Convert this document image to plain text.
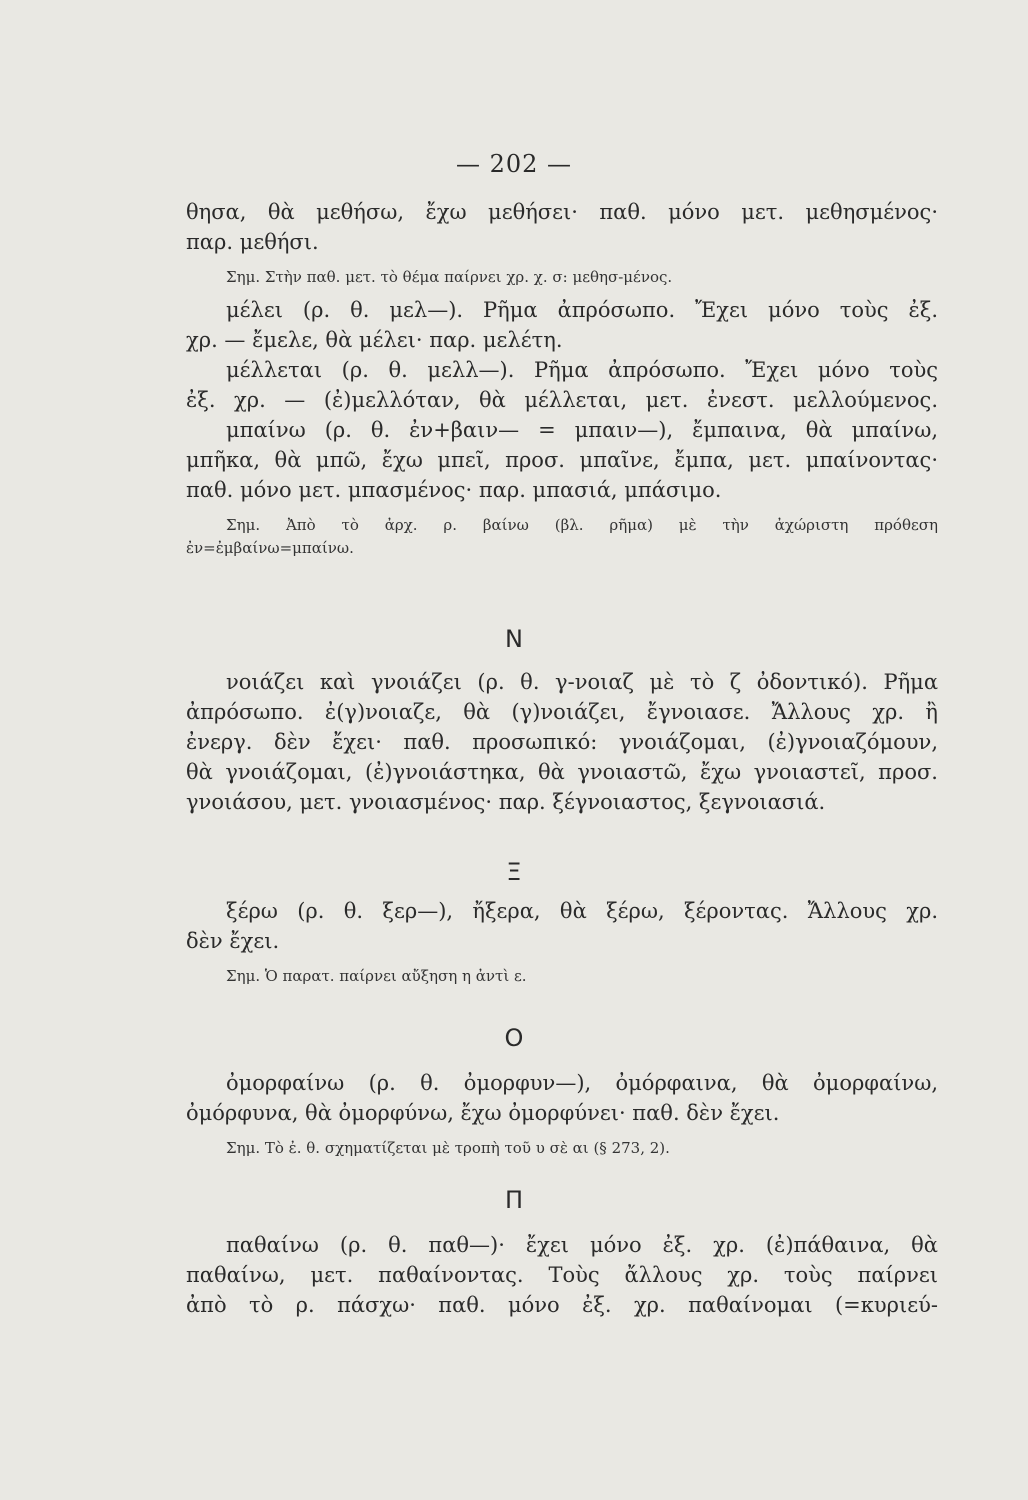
— 202 —
θησα, θὰ μεθήσω, ἔχω μεθήσει· παθ. μόνο μετ. μεθησμένος·
παρ. μεθήσι.
Σημ. Στὴν παθ. μετ. τὸ θέμα παίρνει χρ. χ. σ: μεθησ-μένος.
μέλει (ρ. θ. μελ—). Ρῆμα ἀπρόσωπο. Ἔχει μόνο τοὺς ἐξ.
χρ. — ἔμελε, θὰ μέλει· παρ. μελέτη.
μέλλεται (ρ. θ. μελλ—). Ρῆμα ἀπρόσωπο. Ἔχει μόνο τοὺς
ἐξ. χρ. — (ἐ)μελλόταν, θὰ μέλλεται, μετ. ἐνεστ. μελλούμενος.
μπαίνω (ρ. θ. ἐν+βαιν— = μπαιν—), ἔμπαινα, θὰ μπαίνω,
μπῆκα, θὰ μπῶ, ἔχω μπεῖ, προσ. μπαῖνε, ἔμπα, μετ. μπαίνοντας·
παθ. μόνο μετ. μπασμένος· παρ. μπασιά, μπάσιμο.
Σημ. Ἀπὸ τὸ ἀρχ. ρ. βαίνω (βλ. ρῆμα) μὲ τὴν ἀχώριστη πρόθεση
ἐν=ἐμβαίνω=μπαίνω.
N
νοιάζει καὶ γνοιάζει (ρ. θ. γ-νοιαζ μὲ τὸ ζ ὀδοντικό). Ρῆμα
ἀπρόσωπο. ἐ(γ)νοιαζε, θὰ (γ)νοιάζει, ἔγνοιασε. Ἄλλους χρ. ἢ
ἐνεργ. δὲν ἔχει· παθ. προσωπικό: γνοιάζομαι, (ἐ)γνοιαζόμουν,
θὰ γνοιάζομαι, (ἐ)γνοιάστηκα, θὰ γνοιαστῶ, ἔχω γνοιαστεῖ, προσ.
γνοιάσου, μετ. γνοιασμένος· παρ. ξέγνοιαστος, ξεγνοιασιά.
Ξ
ξέρω (ρ. θ. ξερ—), ἤξερα, θὰ ξέρω, ξέροντας. Ἄλλους χρ.
δὲν ἔχει.
Σημ. Ὁ παρατ. παίρνει αὔξηση η ἀντὶ ε.
O
ὀμορφαίνω (ρ. θ. ὀμορφυν—), ὀμόρφαινα, θὰ ὀμορφαίνω,
ὀμόρφυνα, θὰ ὀμορφύνω, ἔχω ὀμορφύνει· παθ. δὲν ἔχει.
Σημ. Τὸ ἐ. θ. σχηματίζεται μὲ τροπὴ τοῦ υ σὲ αι (§ 273, 2).
Π
παθαίνω (ρ. θ. παθ—)· ἔχει μόνο ἐξ. χρ. (ἐ)πάθαινα, θὰ
παθαίνω, μετ. παθαίνοντας. Τοὺς ἄλλους χρ. τοὺς παίρνει
ἀπὸ τὸ ρ. πάσχω· παθ. μόνο ἐξ. χρ. παθαίνομαι (=κυριεύ-
